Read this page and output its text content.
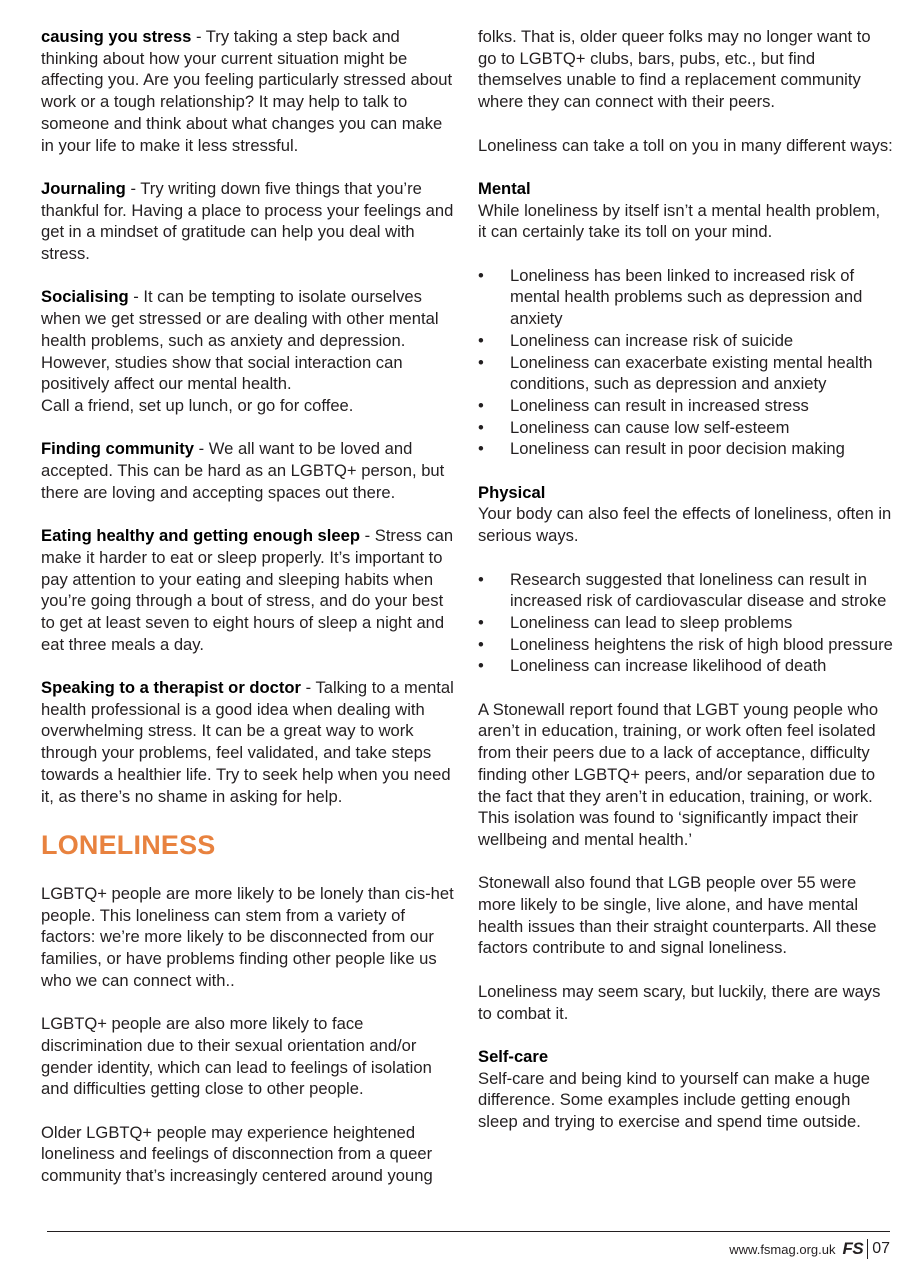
causing you stress - Try taking a step back and thinking about how your current situation might be affecting you. Are you feeling particularly stressed about work or a tough relationship? It may help to talk to someone and think about what changes you can make in your life to make it less stressful.

Journaling - Try writing down five things that you’re thankful for. Having a place to process your feelings and get in a mindset of gratitude can help you deal with stress.

Socialising - It can be tempting to isolate ourselves when we get stressed or are dealing with other mental health problems, such as anxiety and depression. However, studies show that social interaction can positively affect our mental health.
Call a friend, set up lunch, or go for coffee.

Finding community - We all want to be loved and accepted. This can be hard as an LGBTQ+ person, but there are loving and accepting spaces out there.

Eating healthy and getting enough sleep - Stress can make it harder to eat or sleep properly. It’s important to pay attention to your eating and sleeping habits when you’re going through a bout of stress, and do your best to get at least seven to eight hours of sleep a night and eat three meals a day.

Speaking to a therapist or doctor - Talking to a mental health professional is a good idea when dealing with overwhelming stress. It can be a great way to work through your problems, feel validated, and take steps towards a healthier life. Try to seek help when you need it, as there’s no shame in asking for help.

LONELINESS

LGBTQ+ people are more likely to be lonely than cis-het people. This loneliness can stem from a variety of factors: we’re more likely to be disconnected from our families, or have problems finding other people like us who we can connect with..

LGBTQ+ people are also more likely to face discrimination due to their sexual orientation and/or gender identity, which can lead to feelings of isolation and difficulties getting close to other people.

Older LGBTQ+ people may experience heightened loneliness and feelings of disconnection from a queer community that’s increasingly centered around young

folks. That is, older queer folks may no longer want to go to LGBTQ+ clubs, bars, pubs, etc., but find themselves unable to find a replacement community where they can connect with their peers.

Loneliness can take a toll on you in many different ways:

Mental

While loneliness by itself isn’t a mental health problem, it can certainly take its toll on your mind.

• Loneliness has been linked to increased risk of mental health problems such as depression and anxiety
• Loneliness can increase risk of suicide
• Loneliness can exacerbate existing mental health conditions, such as depression and anxiety
• Loneliness can result in increased stress
• Loneliness can cause low self-esteem
• Loneliness can result in poor decision making
Physical

Your body can also feel the effects of loneliness, often in serious ways.

• Research suggested that loneliness can result in increased risk of cardiovascular disease and stroke
• Loneliness can lead to sleep problems
• Loneliness heightens the risk of high blood pressure
• Loneliness can increase likelihood of death

A Stonewall report found that LGBT young people who aren’t in education, training, or work often feel isolated from their peers due to a lack of acceptance, difficulty finding other LGBTQ+ peers, and/or separation due to the fact that they aren’t in education, training, or work. This isolation was found to ‘significantly impact their wellbeing and mental health.’

Stonewall also found that LGB people over 55 were more likely to be single, live alone, and have mental health issues than their straight counterparts. All these factors contribute to and signal loneliness.

Loneliness may seem scary, but luckily, there are ways to combat it.

Self-care

Self-care and being kind to yourself can make a huge difference. Some examples include getting enough sleep and trying to exercise and spend time outside.

www.fsmag.org.uk FS 07
